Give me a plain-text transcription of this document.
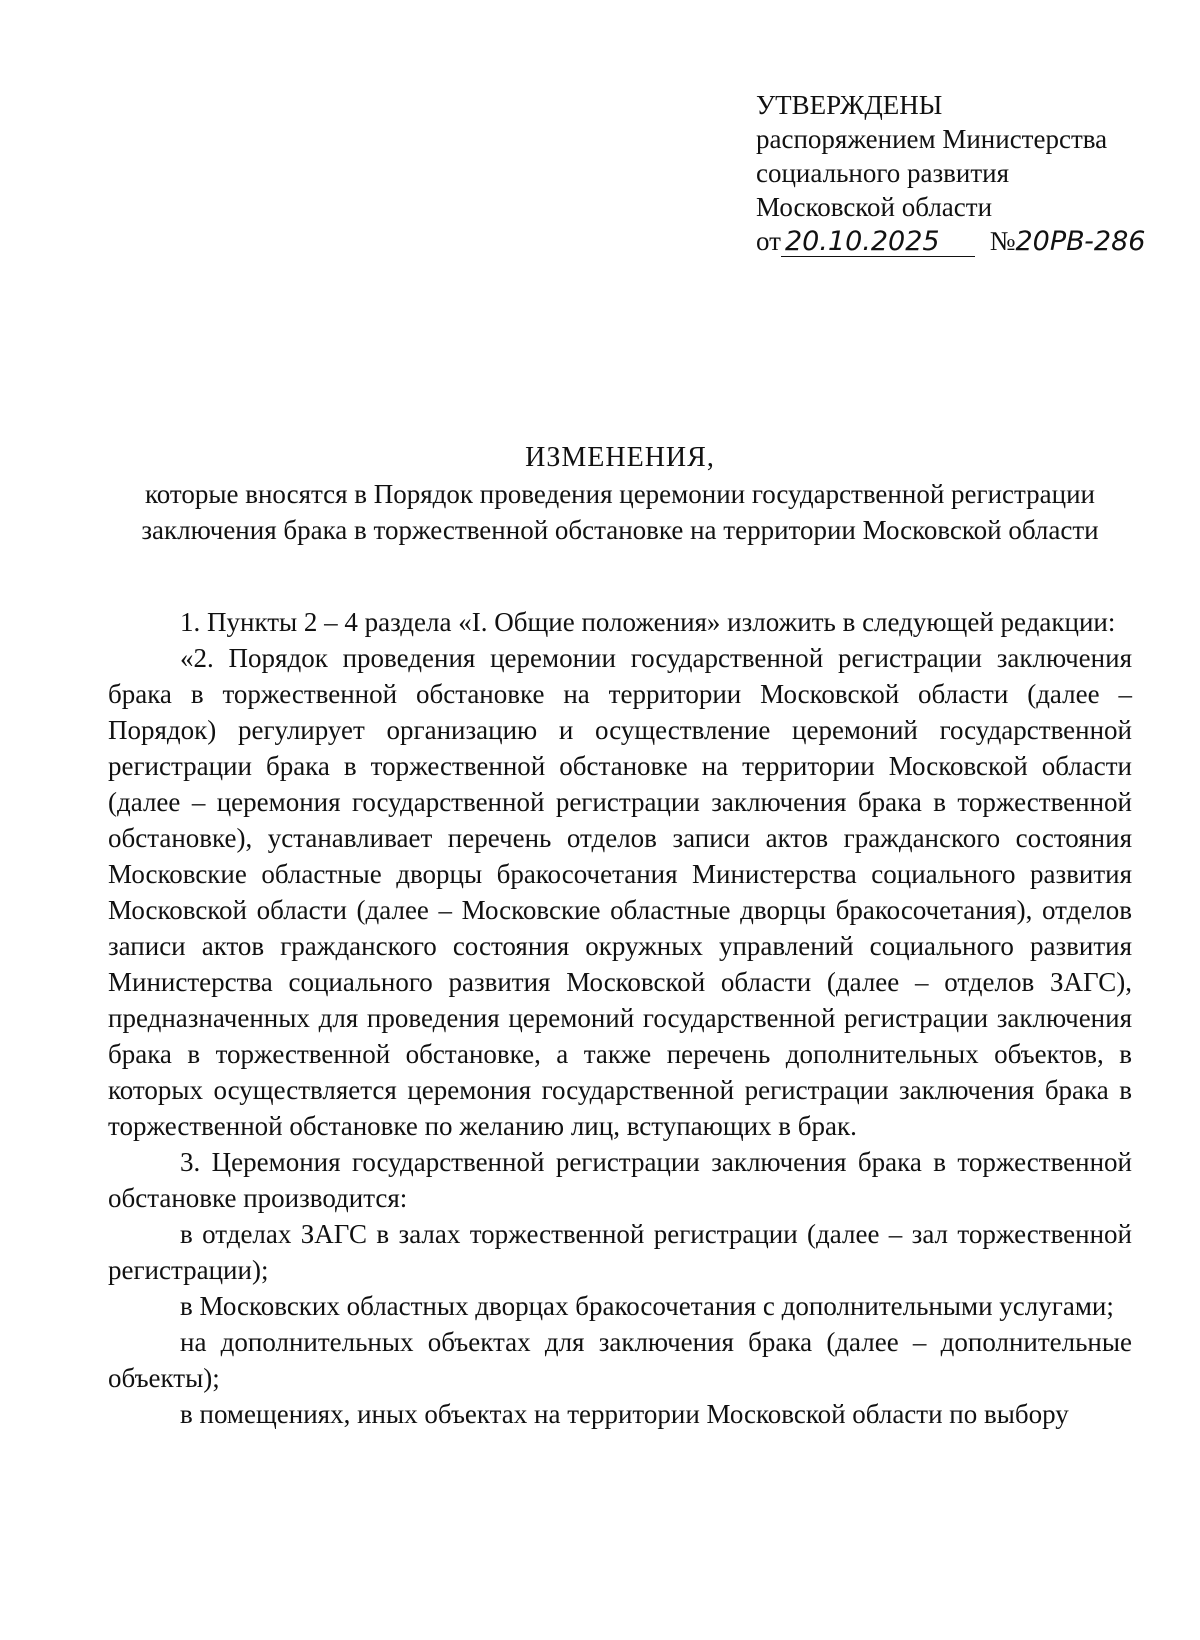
УТВЕРЖДЕНЫ
распоряжением Министерства
социального развития
Московской области
от 20.10.2025 №20PB-286
ИЗМЕНЕНИЯ,
которые вносятся в Порядок проведения церемонии государственной регистрации заключения брака в торжественной обстановке на территории Московской области

1. Пункты 2 – 4 раздела «I. Общие положения» изложить в следующей редакции:

«2. Порядок проведения церемонии государственной регистрации заключения брака в торжественной обстановке на территории Московской области (далее – Порядок) регулирует организацию и осуществление церемоний государственной регистрации брака в торжественной обстановке на территории Московской области (далее – церемония государственной регистрации заключения брака в торжественной обстановке), устанавливает перечень отделов записи актов гражданского состояния Московские областные дворцы бракосочетания Министерства социального развития Московской области (далее – Московские областные дворцы бракосочетания), отделов записи актов гражданского состояния окружных управлений социального развития Министерства социального развития Московской области (далее – отделов ЗАГС), предназначенных для проведения церемоний государственной регистрации заключения брака в торжественной обстановке, а также перечень дополнительных объектов, в которых осуществляется церемония государственной регистрации заключения брака в торжественной обстановке по желанию лиц, вступающих в брак.

3. Церемония государственной регистрации заключения брака в торжественной обстановке производится:

в отделах ЗАГС в залах торжественной регистрации (далее – зал торжественной регистрации);

в Московских областных дворцах бракосочетания с дополнительными услугами;

на дополнительных объектах для заключения брака (далее – дополнительные объекты);

в помещениях, иных объектах на территории Московской области по выбору
